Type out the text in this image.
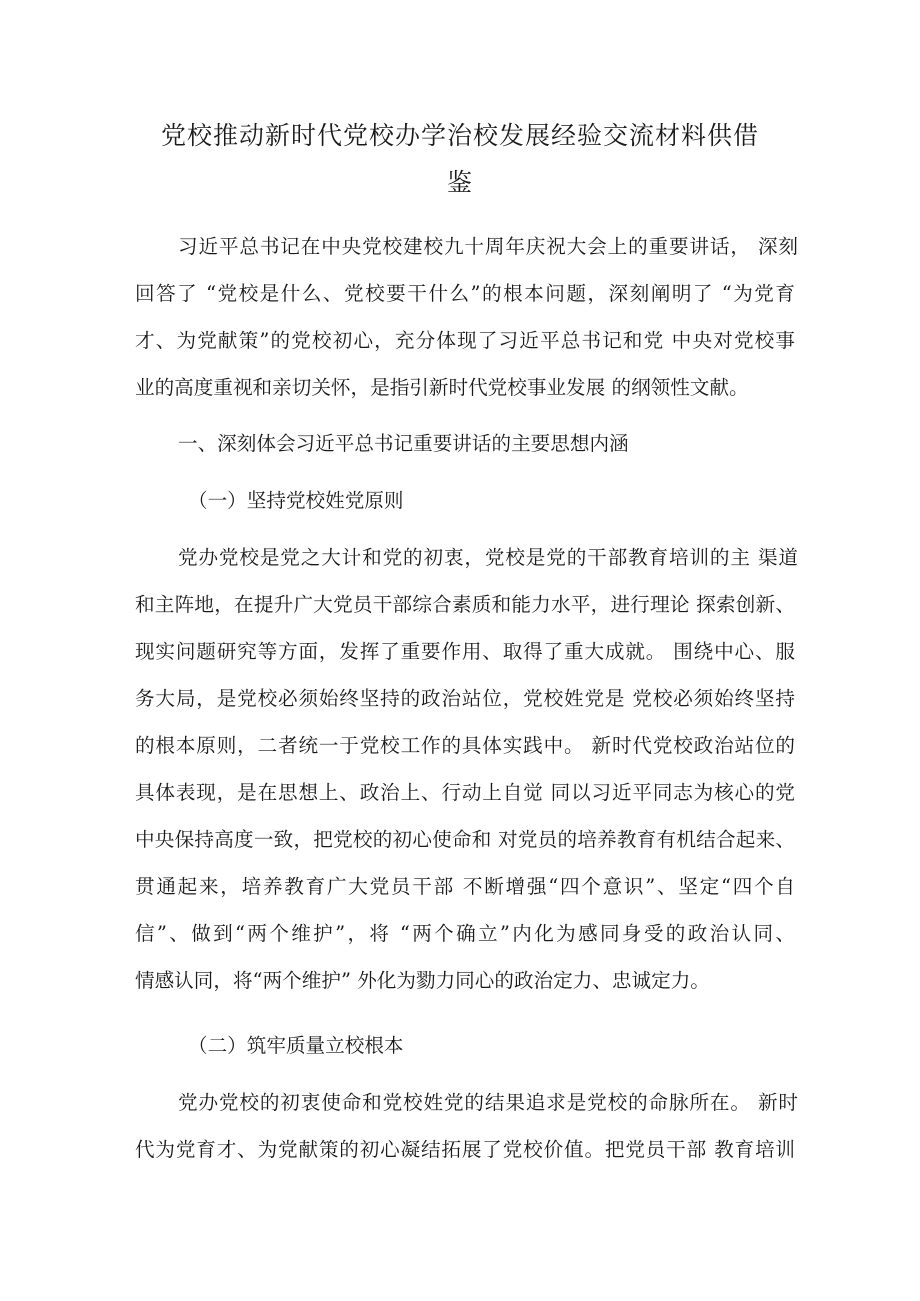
党校推动新时代党校办学治校发展经验交流材料供借
鉴
习近平总书记在中央党校建校九十周年庆祝大会上的重要讲话， 深刻
回答了 “党校是什么、党校要干什么”的根本问题，深刻阐明了 “为党育
才、为党献策”的党校初心，充分体现了习近平总书记和党 中央对党校事
业的高度重视和亲切关怀，是指引新时代党校事业发展 的纲领性文献。
一、深刻体会习近平总书记重要讲话的主要思想内涵
（一）坚持党校姓党原则
党办党校是党之大计和党的初衷，党校是党的干部教育培训的主 渠道
和主阵地，在提升广大党员干部综合素质和能力水平，进行理论 探索创新、
现实问题研究等方面，发挥了重要作用、取得了重大成就。 围绕中心、服
务大局，是党校必须始终坚持的政治站位，党校姓党是 党校必须始终坚持
的根本原则，二者统一于党校工作的具体实践中。 新时代党校政治站位的
具体表现，是在思想上、政治上、行动上自觉 同以习近平同志为核心的党
中央保持高度一致，把党校的初心使命和 对党员的培养教育有机结合起来、
贯通起来，培养教育广大党员干部 不断增强“四个意识”、坚定“四个自
信”、做到“两个维护”，将 “两个确立”内化为感同身受的政治认同、
情感认同，将“两个维护” 外化为勠力同心的政治定力、忠诚定力。
（二）筑牢质量立校根本
党办党校的初衷使命和党校姓党的结果追求是党校的命脉所在。 新时
代为党育才、为党献策的初心凝结拓展了党校价值。把党员干部 教育培训
